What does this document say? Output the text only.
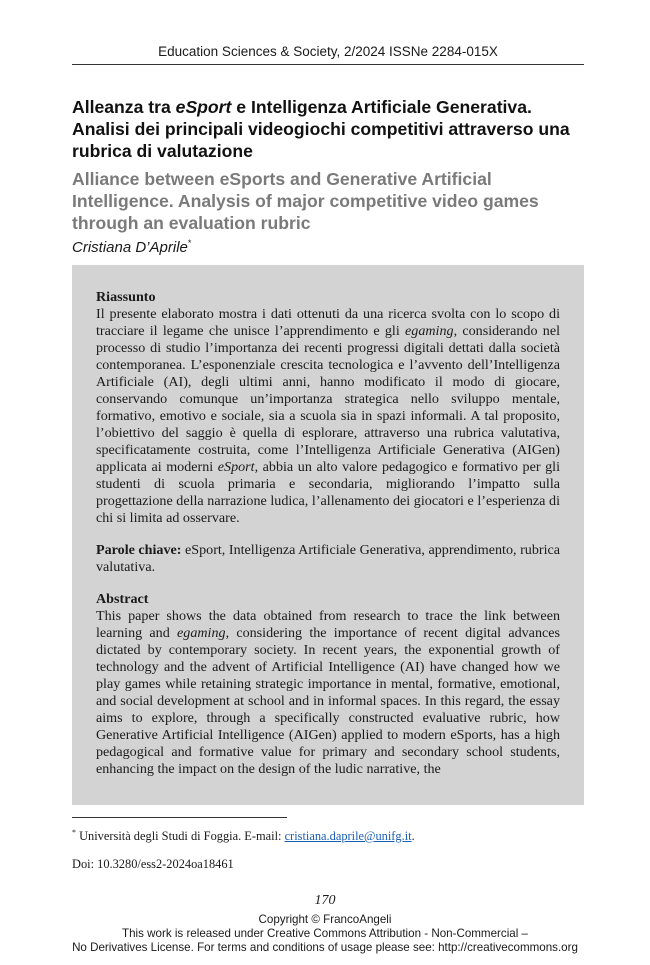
Education Sciences & Society, 2/2024 ISSNe 2284-015X
Alleanza tra eSport e Intelligenza Artificiale Generativa. Analisi dei principali videogiochi competitivi attraverso una rubrica di valutazione
Alliance between eSports and Generative Artificial Intelligence. Analysis of major competitive video games through an evaluation rubric
Cristiana D’Aprile*

Riassunto

Il presente elaborato mostra i dati ottenuti da una ricerca svolta con lo scopo di tracciare il legame che unisce l’apprendimento e gli egaming, considerando nel processo di studio l’importanza dei recenti progressi digitali dettati dalla società contemporanea. L’esponenziale crescita tecnologica e l’avvento dell’Intelligenza Artificiale (AI), degli ultimi anni, hanno modificato il modo di giocare, conservando comunque un’importanza strategica nello sviluppo mentale, formativo, emotivo e sociale, sia a scuola sia in spazi informali. A tal proposito, l’obiettivo del saggio è quella di esplorare, attraverso una rubrica valutativa, specificatamente costruita, come l’Intelligenza Artificiale Generativa (AIGen) applicata ai moderni eSport, abbia un alto valore pedagogico e formativo per gli studenti di scuola primaria e secondaria, migliorando l’impatto sulla progettazione della narrazione ludica, l’allenamento dei giocatori e l’esperienza di chi si limita ad osservare.

Parole chiave: eSport, Intelligenza Artificiale Generativa, apprendimento, rubrica valutativa.

Abstract

This paper shows the data obtained from research to trace the link between learning and egaming, considering the importance of recent digital advances dictated by contemporary society. In recent years, the exponential growth of technology and the advent of Artificial Intelligence (AI) have changed how we play games while retaining strategic importance in mental, formative, emotional, and social development at school and in informal spaces. In this regard, the essay aims to explore, through a specifically constructed evaluative rubric, how Generative Artificial Intelligence (AIGen) applied to modern eSports, has a high pedagogical and formative value for primary and secondary school students, enhancing the impact on the design of the ludic narrative, the

* Università degli Studi di Foggia. E-mail: cristiana.daprile@unifg.it.
Doi: 10.3280/ess2-2024oa18461
170
Copyright © FrancoAngeli
This work is released under Creative Commons Attribution - Non-Commercial –
No Derivatives License. For terms and conditions of usage please see: http://creativecommons.org
